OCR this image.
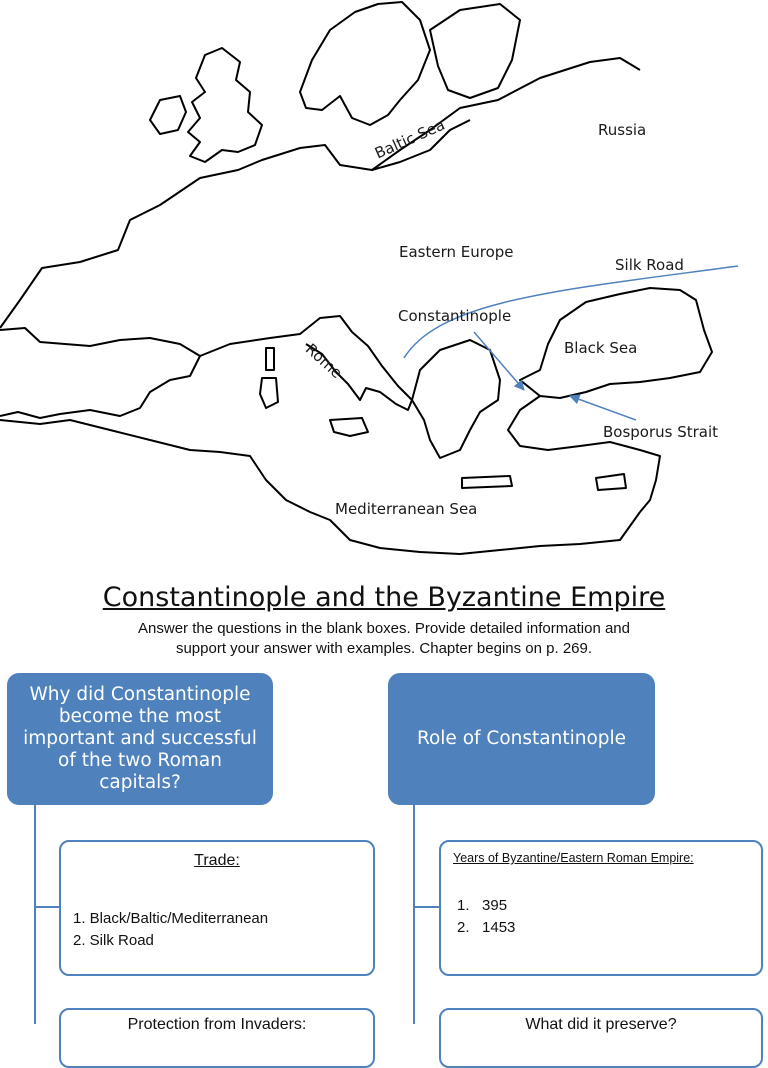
Russia
Baltic Sea
Eastern Europe
Silk Road
Constantinople
Rome	Black Sea
Bosporus Strait
Mediterranean Sea
Constantinople and the Byzantine Empire
Answer the questions in the blank boxes. Provide detailed information and
support your answer with examples. Chapter begins on p. 269.
Why did Constantinople become the most important and successful of the two Roman capitals?
Trade:
1. Black/Baltic/Mediterranean
2. Silk Road
Protection from Invaders:
Role of Constantinople
Years of Byzantine/Eastern Roman Empire:
1.   395
2.   1453
What did it preserve?
